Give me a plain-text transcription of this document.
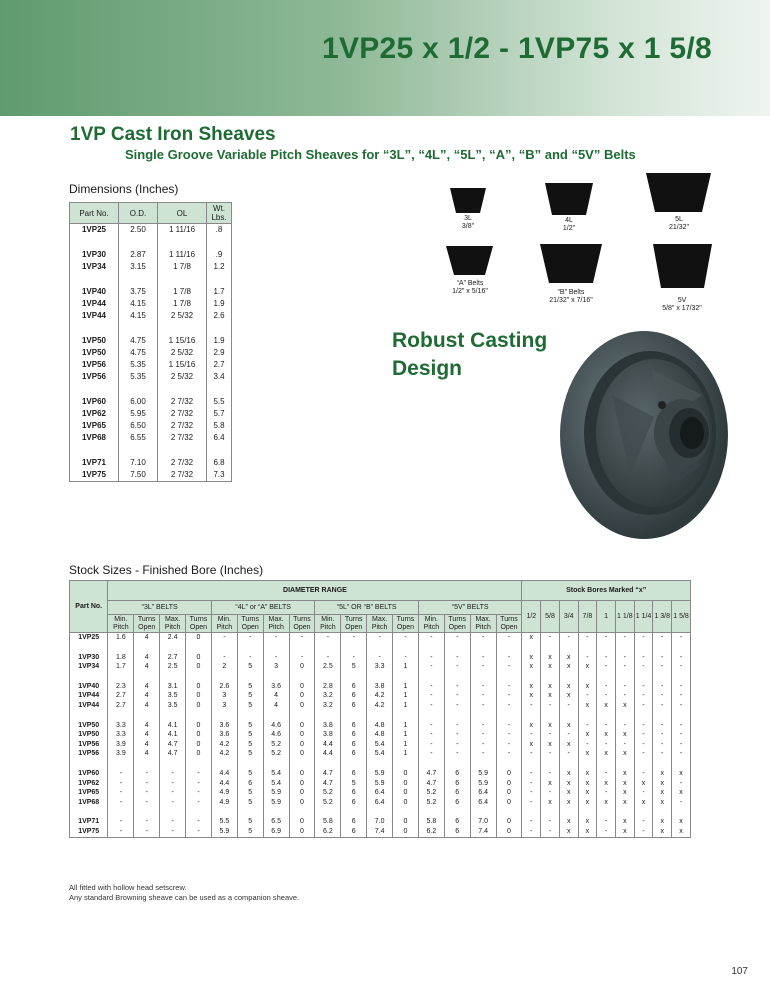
1VP25 x 1/2 - 1VP75 x 1 5/8
1VP Cast Iron Sheaves
Single Groove Variable Pitch Sheaves for “3L”, “4L”, “5L”, “A”, “B” and “5V” Belts
Dimensions (Inches)
Part No.	O.D.	OL	Wt. Lbs.
1VP25	2.50	1 11/16	.8

1VP30	2.87	1 11/16	.9
1VP34	3.15	1 7/8	1.2

1VP40	3.75	1 7/8	1.7
1VP44	4.15	1 7/8	1.9
1VP44	4.15	2 5/32	2.6

1VP50	4.75	1 15/16	1.9
1VP50	4.75	2 5/32	2.9
1VP56	5.35	1 15/16	2.7
1VP56	5.35	2 5/32	3.4

1VP60	6.00	2 7/32	5.5
1VP62	5.95	2 7/32	5.7
1VP65	6.50	2 7/32	5.8
1VP68	6.55	2 7/32	6.4

1VP71	7.10	2 7/32	6.8
1VP75	7.50	2 7/32	7.3
3L
3/8"
4L
1/2"
5L
21/32"
“A” Belts
1/2" x 5/16"	“B” Belts
21/32" x 7/16"	5V
5/8" x 17/32"
Robust Casting
Design
Stock Sizes - Finished Bore (Inches)
Part No.	DIAMETER RANGE																Stock Bores Marked “x”								
	“3L” BELTS				“4L” or “A” BELTS				“5L” OR “B” BELTS				“5V” BELTS				1/2	5/8	3/4	7/8	1	1 1/8	1 1/4	1 3/8	1 5/8
	Min. Pitch	Turns Open	Max. Pitch	Turns Open	Min. Pitch	Turns Open	Max. Pitch	Turns Open	Min. Pitch	Turns Open	Max. Pitch	Turns Open	Min. Pitch	Turns Open	Max. Pitch	Turns Open									
1VP25	1.6	4	2.4	0	-	-	-	-	-	-	-	-	-	-	-	-	x	-	-	-	-	-	-	-	-

1VP30	1.8	4	2.7	0	-	-	-	-	-	-	-	-	-	-	-	-	x	x	x	-	-	-	-	-	-
1VP34	1.7	4	2.5	0	2	5	3	0	2.5	5	3.3	1	-	-	-	-	x	x	x	x	-	-	-	-	-

1VP40	2.3	4	3.1	0	2.6	5	3.6	0	2.8	6	3.8	1	-	-	-	-	x	x	x	x	-	-	-	-	-
1VP44	2.7	4	3.5	0	3	5	4	0	3.2	6	4.2	1	-	-	-	-	x	x	x	-	-	-	-	-	-
1VP44	2.7	4	3.5	0	3	5	4	0	3.2	6	4.2	1	-	-	-	-	-	-	-	x	x	x	-	-	-

1VP50	3.3	4	4.1	0	3.6	5	4.6	0	3.8	6	4.8	1	-	-	-	-	x	x	x	-	-	-	-	-	-
1VP50	3.3	4	4.1	0	3.6	5	4.6	0	3.8	6	4.8	1	-	-	-	-	-	-	-	x	x	x	-	-	-
1VP56	3.9	4	4.7	0	4.2	5	5.2	0	4.4	6	5.4	1	-	-	-	-	x	x	x	-	-	-	-	-	-
1VP56	3.9	4	4.7	0	4.2	5	5.2	0	4.4	6	5.4	1	-	-	-	-	-	-	-	x	x	x	-	-	-

1VP60	-	-	-	-	4.4	5	5.4	0	4.7	6	5.9	0	4.7	6	5.9	0	-	-	x	x	-	x	-	x	x
1VP62	-	-	-	-	4.4	6	5.4	0	4.7	5	5.9	0	4.7	6	5.9	0	-	x	x	x	x	x	x	x	-
1VP65	-	-	-	-	4.9	5	5.9	0	5.2	6	6.4	0	5.2	6	6.4	0	-	-	x	x	-	x	-	x	x
1VP68	-	-	-	-	4.9	5	5.9	0	5.2	6	6.4	0	5.2	6	6.4	0	-	x	x	x	x	x	x	x	-

1VP71	-	-	-	-	5.5	5	6.5	0	5.8	6	7.0	0	5.8	6	7.0	0	-	-	x	x	-	x	-	x	x
1VP75	-	-	-	-	5.9	5	6.9	0	6.2	6	7.4	0	6.2	6	7.4	0	-	-	x	x	-	x	-	x	x
All fitted with hollow head setscrew.
Any standard Browning sheave can be used as a companion sheave.
107
